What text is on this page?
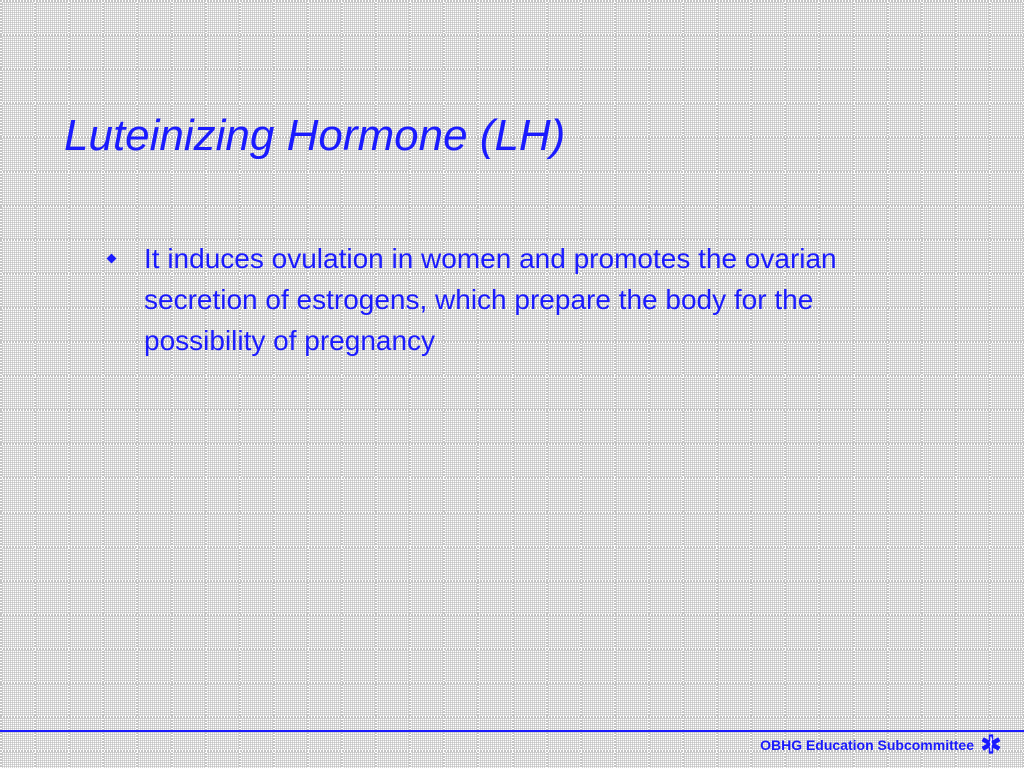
Luteinizing Hormone (LH)
It induces ovulation in women and promotes the ovarian secretion of estrogens, which prepare the body for the possibility of pregnancy
OBHG Education Subcommittee
